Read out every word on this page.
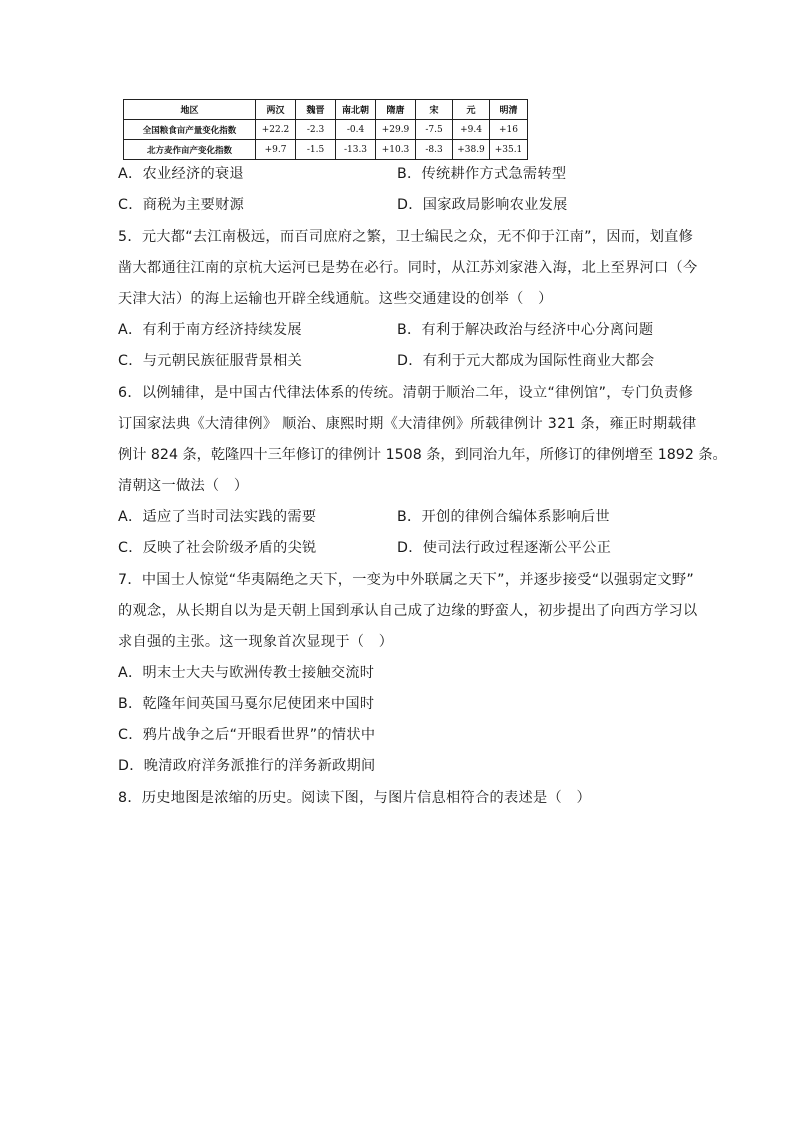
地区	两汉	魏晋	南北朝	隋唐	宋	元	明清
全国粮食亩产量变化指数	+22.2	-2.3	-0.4	+29.9	-7.5	+9.4	+16
北方麦作亩产变化指数	+9.7	-1.5	-13.3	+10.3	-8.3	+38.9	+35.1
A．农业经济的衰退	B．传统耕作方式急需转型
C．商税为主要财源	D．国家政局影响农业发展
5．元大都“去江南极远，而百司庶府之繁，卫士编民之众，无不仰于江南”，因而，划直修
凿大都通往江南的京杭大运河已是势在必行。同时，从江苏刘家港入海，北上至界河口（今
天津大沽）的海上运输也开辟全线通航。这些交通建设的创举（　）
A．有利于南方经济持续发展	B．有利于解决政治与经济中心分离问题
C．与元朝民族征服背景相关	D．有利于元大都成为国际性商业大都会
6．以例辅律，是中国古代律法体系的传统。清朝于顺治二年，设立“律例馆”，专门负责修
订国家法典《大清律例》 顺治、康熙时期《大清律例》所载律例计 321 条，雍正时期载律
例计 824 条，乾隆四十三年修订的律例计 1508 条，到同治九年，所修订的律例增至 1892 条。
清朝这一做法（　）
A．适应了当时司法实践的需要	B．开创的律例合编体系影响后世
C．反映了社会阶级矛盾的尖锐	D．使司法行政过程逐渐公平公正
7．中国士人惊觉“华夷隔绝之天下，一变为中外联属之天下”，并逐步接受“以强弱定文野”
的观念，从长期自以为是天朝上国到承认自己成了边缘的野蛮人，初步提出了向西方学习以
求自强的主张。这一现象首次显现于（　）
A．明末士大夫与欧洲传教士接触交流时
B．乾隆年间英国马戛尔尼使团来中国时
C．鸦片战争之后“开眼看世界”的情状中
D．晚清政府洋务派推行的洋务新政期间
8．历史地图是浓缩的历史。阅读下图，与图片信息相符合的表述是（　）
